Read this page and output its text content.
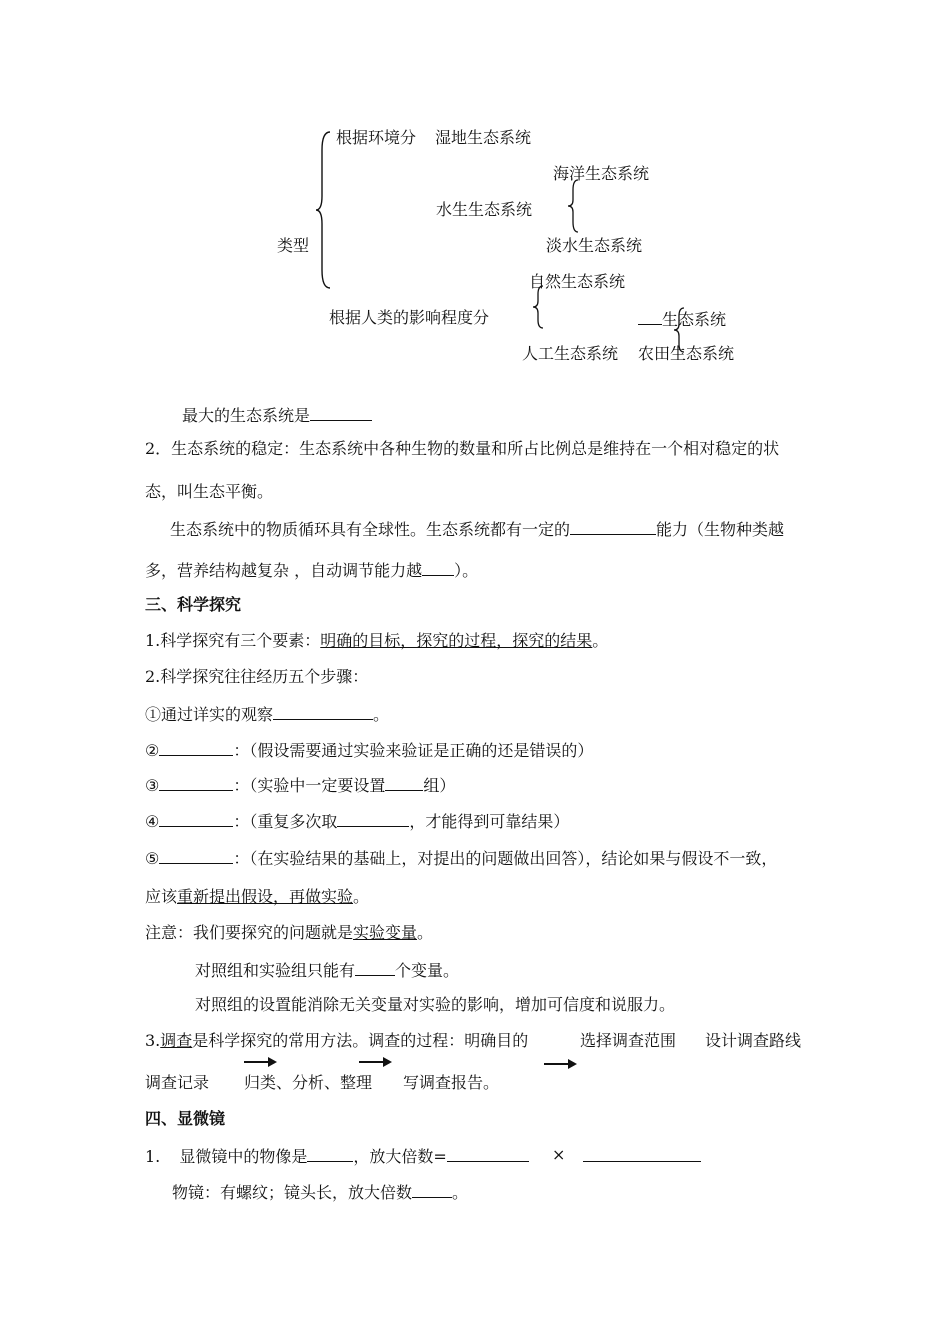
类型
根据环境分 湿地生态系统
海洋生态系统
水生生态系统
淡水生态系统
自然生态系统
根据人类的影响程度分	生态系统
人工生态系统 农田生态系统
最大的生态系统是
2．生态系统的稳定：生态系统中各种生物的数量和所占比例总是维持在一个相对稳定的状
态，叫生态平衡。
生态系统中的物质循环具有全球性。生态系统都有一定的	能力（生物种类越
多，营养结构越复杂 ，自动调节能力越 ）。
三、科学探究
1.科学探究有三个要素：明确的目标，探究的过程，探究的结果。
2.科学探究往往经历五个步骤：
①通过详实的观察	。
②	：（假设需要通过实验来验证是正确的还是错误的）
③	：（实验中一定要设置 组）
④	：（重复多次取	，才能得到可靠结果）
⑤	：（在实验结果的基础上，对提出的问题做出回答），结论如果与假设不一致，
应该重新提出假设，再做实验。
注意：我们要探究的问题就是实验变量。
对照组和实验组只能有	个变量。
对照组的设置能消除无关变量对实验的影响，增加可信度和说服力。
3.调查是科学探究的常用方法。调查的过程：明确目的	选择调查范围 设计调查路线
调查记录 归类、分析、整理 写调查报告。
四、显微镜
1. 显微镜中的物像是	，放大倍数=	×
物镜：有螺纹；镜头长，放大倍数	。
